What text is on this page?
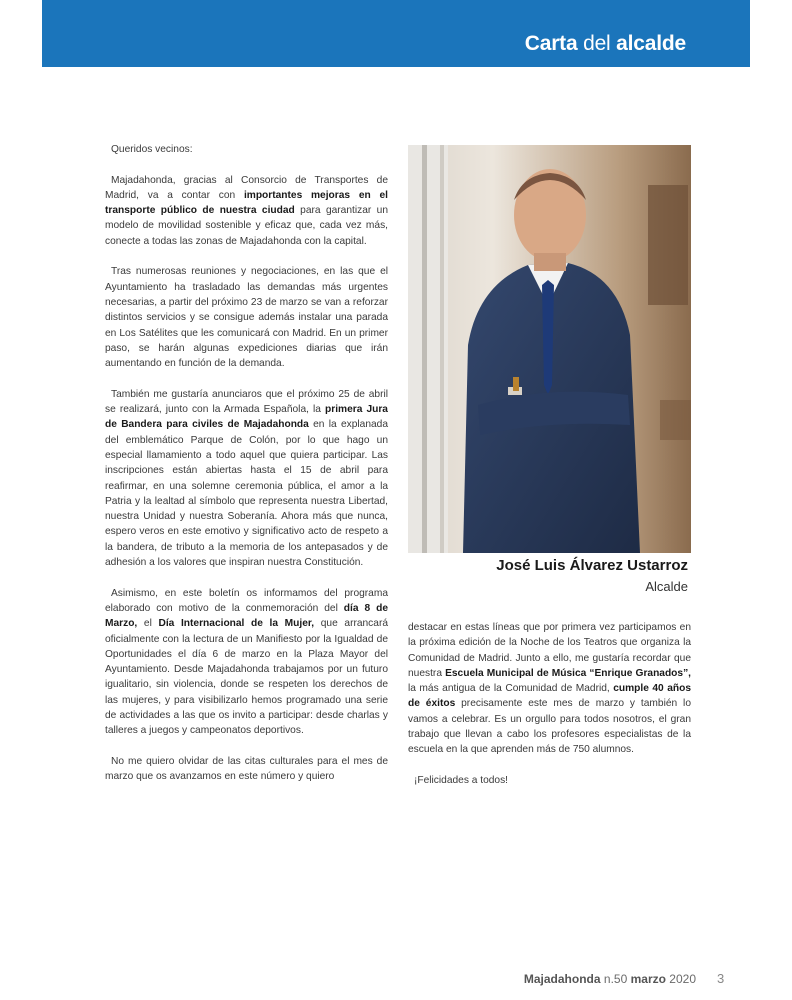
Carta del alcalde

Queridos vecinos:

Majadahonda, gracias al Consorcio de Transportes de Madrid, va a contar con importantes mejoras en el transporte público de nuestra ciudad para garantizar un modelo de movilidad sostenible y eficaz que, cada vez más, conecte a todas las zonas de Majadahonda con la capital.

Tras numerosas reuniones y negociaciones, en las que el Ayuntamiento ha trasladado las demandas más urgentes necesarias, a partir del próximo 23 de marzo se van a reforzar distintos servicios y se consigue además instalar una parada en Los Satélites que les comunicará con Madrid. En un primer paso, se harán algunas expediciones diarias que irán aumentando en función de la demanda.

También me gustaría anunciaros que el próximo 25 de abril se realizará, junto con la Armada Española, la primera Jura de Bandera para civiles de Majadahonda en la explanada del emblemático Parque de Colón, por lo que hago un especial llamamiento a todo aquel que quiera participar. Las inscripciones están abiertas hasta el 15 de abril para reafirmar, en una solemne ceremonia pública, el amor a la Patria y la lealtad al símbolo que representa nuestra Libertad, nuestra Unidad y nuestra Soberanía. Ahora más que nunca, espero veros en este emotivo y significativo acto de respeto a la bandera, de tributo a la memoria de los antepasados y de adhesión a los valores que inspiran nuestra Constitución.

Asimismo, en este boletín os informamos del programa elaborado con motivo de la conmemoración del día 8 de Marzo, el Día Internacional de la Mujer, que arrancará oficialmente con la lectura de un Manifiesto por la Igualdad de Oportunidades el día 6 de marzo en la Plaza Mayor del Ayuntamiento. Desde Majadahonda trabajamos por un futuro igualitario, sin violencia, donde se respeten los derechos de las mujeres, y para visibilizarlo hemos programado una serie de actividades a las que os invito a participar: desde charlas y talleres a juegos y campeonatos deportivos.

No me quiero olvidar de las citas culturales para el mes de marzo que os avanzamos en este número y quiero

José Luis Álvarez Ustarroz
Alcalde

destacar en estas líneas que por primera vez participamos en la próxima edición de la Noche de los Teatros que organiza la Comunidad de Madrid. Junto a ello, me gustaría recordar que nuestra Escuela Municipal de Música “Enrique Granados”, la más antigua de la Comunidad de Madrid, cumple 40 años de éxitos precisamente este mes de marzo y también lo vamos a celebrar. Es un orgullo para todos nosotros, el gran trabajo que llevan a cabo los profesores especialistas de la escuela en la que aprenden más de 750 alumnos.

¡Felicidades a todos!

Majadahonda n.50 marzo 2020 3
